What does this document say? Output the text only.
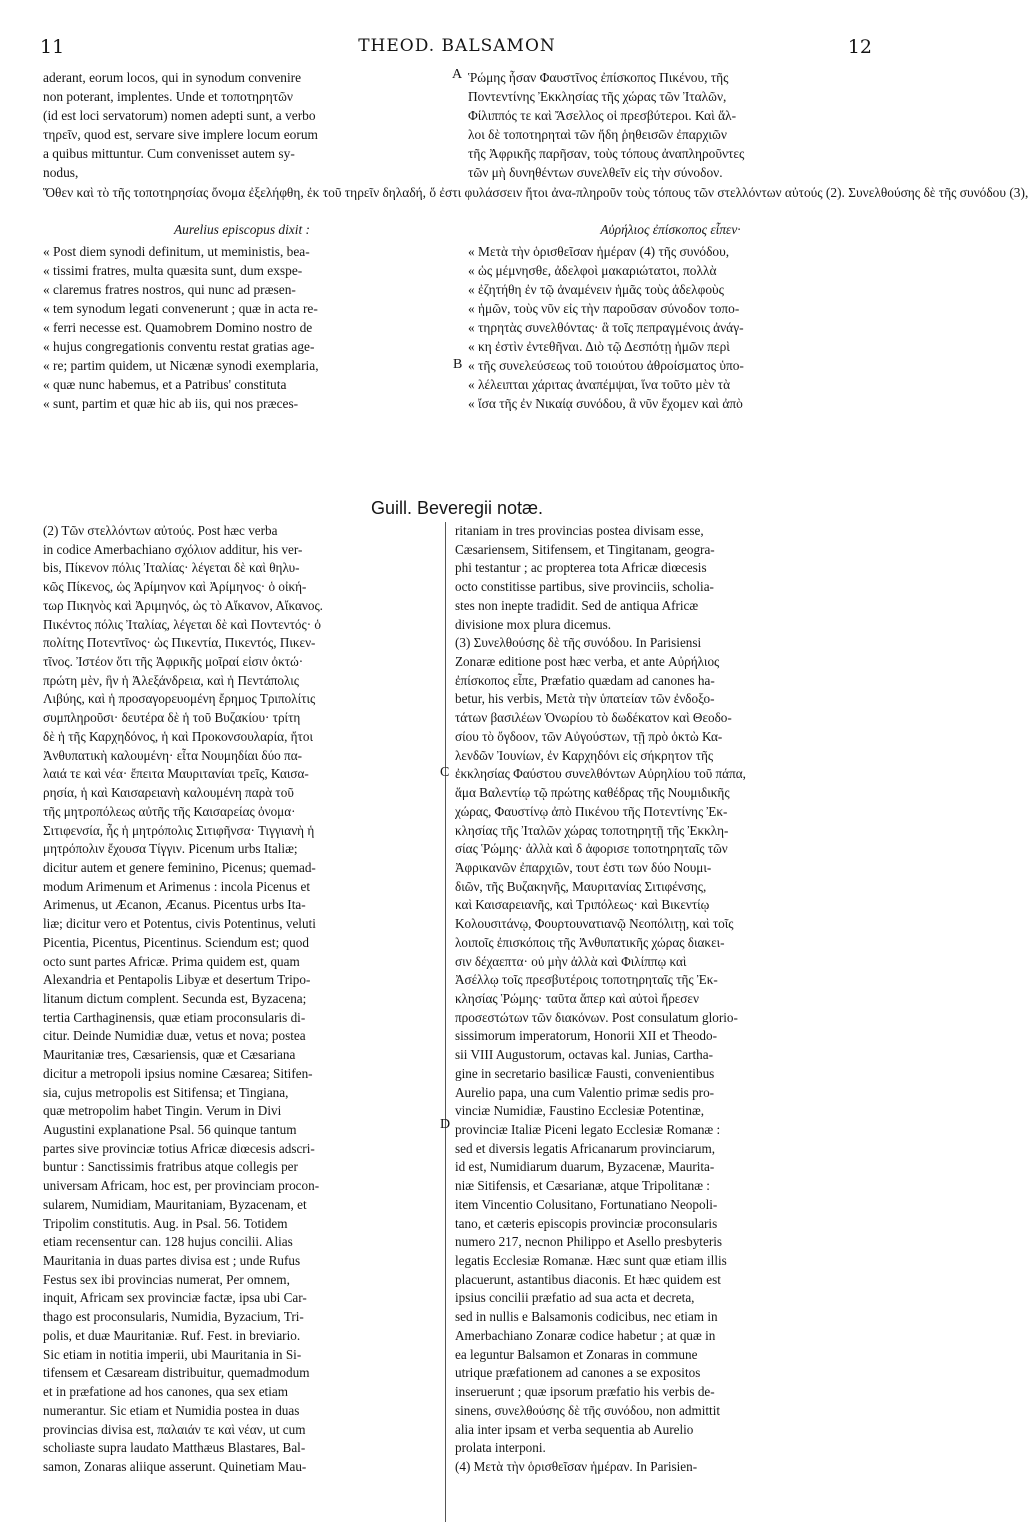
11	THEOD. BALSAMON	12
aderant, eorum locos, qui in synodum convenire
non poterant, implentes. Unde et τοποτηρητῶν
(id est loci servatorum) nomen adepti sunt, a verbo
τηρεῖν, quod est, servare sive implere locum eorum
a quibus mittuntur. Cum convenisset autem sy-
nodus,
A Ῥώμης ἦσαν Φαυστῖνος ἐπίσκοπος Πικένου, τῆς
Ποντεντίνης Ἐκκλησίας τῆς χώρας τῶν Ἰταλῶν,
Φίλιππός τε καὶ Ἄσελλος οἱ πρεσβύτεροι. Καὶ ἄλ-
λοι δὲ τοποτηρηταὶ τῶν ἤδη ῥηθεισῶν ἐπαρχιῶν
τῆς Ἀφρικῆς παρῆσαν, τοὺς τόπους ἀναπληροῦντες
τῶν μὴ δυνηθέντων συνελθεῖν εἰς τὴν σύνοδον.
Ὅθεν καὶ τὸ τῆς τοποτηρησίας ὄνομα ἐξελήφθη, ἐκ τοῦ τηρεῖν δηλαδή, ὅ ἐστι φυλάσσειν ἤτοι ἀνα-πληροῦν τοὺς τόπους τῶν στελλόντων αὐτούς (2). Συνελθούσης δὲ τῆς συνόδου (3),
Aurelius episcopus dixit :	Αὐρήλιος ἐπίσκοπος εἶπεν·
« Post diem synodi definitum, ut meministis, bea-
« tissimi fratres, multa quæsita sunt, dum exspe-
« claremus fratres nostros, qui nunc ad præsen-
« tem synodum legati convenerunt ; quæ in acta re-
« ferri necesse est. Quamobrem Domino nostro de
« hujus congregationis conventu restat gratias age-
« re; partim quidem, ut Nicænæ synodi exemplaria,
« quæ nunc habemus, et a Patribus' constituta
« sunt, partim et quæ hic ab iis, qui nos præces-
B
« Μετὰ τὴν ὁρισθεῖσαν ἡμέραν (4) τῆς συνόδου,
« ὡς μέμνησθε, ἀδελφοὶ μακαριώτατοι, πολλὰ
« ἐζητήθη ἐν τῷ ἀναμένειν ἡμᾶς τοὺς ἀδελφοὺς
« ἡμῶν, τοὺς νῦν εἰς τὴν παροῦσαν σύνοδον τοπο-
« τηρητὰς συνελθόντας· ἃ τοῖς πεπραγμένοις ἀνάγ-
« κη ἐστὶν ἐντεθῆναι. Διὸ τῷ Δεσπότῃ ἡμῶν περὶ
« τῆς συνελεύσεως τοῦ τοιούτου ἀθροίσματος ὑπο-
« λέλειπται χάριτας ἀναπέμψαι, ἵνα τοῦτο μὲν τὰ
« ἴσα τῆς ἐν Νικαίᾳ συνόδου, ἃ νῦν ἔχομεν καὶ ἀπὸ
Guill. Beveregii notæ.
(2) Τῶν στελλόντων αὐτούς. Post hæc verba
in codice Amerbachiano σχόλιον additur, his ver-
bis, Πίκενον πόλις Ἰταλίας· λέγεται δὲ καὶ θηλυ-
κῶς Πίκενος, ὡς Ἀρίμηνον καὶ Ἀρίμηνος· ὁ οἰκή-
τωρ Πικηνὸς καὶ Ἀριμηνός, ὡς τὸ Αἴκανον, Αἴκανος.
Πικέντος πόλις Ἰταλίας, λέγεται δὲ καὶ Ποντεντός· ὁ
πολίτης Ποτεντῖνος· ὡς Πικεντία, Πικεντός, Πικεν-
τῖνος. Ἰστέον ὅτι τῆς Ἀφρικῆς μοῖραί εἰσιν ὀκτώ·
πρώτη μὲν, ἣν ἡ Ἀλεξάνδρεια, καὶ ἡ Πεντάπολις
Λιβύης, καὶ ἡ προσαγορευομένη ἔρημος Τριπολίτις
συμπληροῦσι· δευτέρα δὲ ἡ τοῦ Βυζακίου· τρίτη
δὲ ἡ τῆς Καρχηδόνος, ἡ καὶ Προκονσουλαρία, ἤτοι
Ἀνθυπατικὴ καλουμένη· εἶτα Νουμηδίαι δύο πα-
λαιά τε καὶ νέα· ἔπειτα Μαυριτανίαι τρεῖς, Καισα-
ρησία, ἡ καὶ Καισαρειανὴ καλουμένη παρὰ τοῦ
τῆς μητροπόλεως αὐτῆς τῆς Καισαρείας ὀνομα·
Σιτιφενσία, ἧς ἡ μητρόπολις Σιτιφῆνσα· Τιγγιανὴ ἡ
μητρόπολιν ἔχουσα Τίγγιν. Picenum urbs Italiæ;
dicitur autem et genere feminino, Picenus; quemad-
modum Arimenum et Arimenus : incola Picenus et
Arimenus, ut Æcanon, Æcanus. Picentus urbs Ita-
liæ; dicitur vero et Potentus, civis Potentinus, veluti
Picentia, Picentus, Picentinus. Sciendum est; quod
octo sunt partes Africæ. Prima quidem est, quam
Alexandria et Pentapolis Libyæ et desertum Tripo-
litanum dictum complent. Secunda est, Byzacena;
tertia Carthaginensis, quæ etiam proconsularis di-
citur. Deinde Numidiæ duæ, vetus et nova; postea
Mauritaniæ tres, Cæsariensis, quæ et Cæsariana
dicitur a metropoli ipsius nomine Cæsarea; Sitifen-
sia, cujus metropolis est Sitifensa; et Tingiana,
quæ metropolim habet Tingin. Verum in Divi
Augustini explanatione Psal. 56 quinque tantum
partes sive provinciæ totius Africæ diœcesis adscri-
buntur : Sanctissimis fratribus atque collegis per
universam Africam, hoc est, per provinciam procon-
sularem, Numidiam, Mauritaniam, Byzacenam, et
Tripolim constitutis. Aug. in Psal. 56. Totidem
etiam recensentur can. 128 hujus concilii. Alias
Mauritania in duas partes divisa est ; unde Rufus
Festus sex ibi provincias numerat, Per omnem,
inquit, Africam sex provinciæ factæ, ipsa ubi Car-
thago est proconsularis, Numidia, Byzacium, Tri-
polis, et duæ Mauritaniæ. Ruf. Fest. in breviario.
Sic etiam in notitia imperii, ubi Mauritania in Si-
tifensem et Cæsaream distribuitur, quemadmodum
et in præfatione ad hos canones, qua sex etiam
numerantur. Sic etiam et Numidia postea in duas
provincias divisa est, παλαιάν τε καὶ νέαν, ut cum
scholiaste supra laudato Matthæus Blastares, Bal-
samon, Zonaras aliique asserunt. Quinetiam Mau-
C
D
ritaniam in tres provincias postea divisam esse,
Cæsariensem, Sitifensem, et Tingitanam, geogra-
phi testantur ; ac propterea tota Africæ diœcesis
octo constitisse partibus, sive provinciis, scholia-
stes non inepte tradidit. Sed de antiqua Africæ
divisione mox plura dicemus.
(3) Συνελθούσης δὲ τῆς συνόδου. In Parisiensi
Zonaræ editione post hæc verba, et ante Αὐρήλιος
ἐπίσκοπος εἶπε, Præfatio quædam ad canones ha-
betur, his verbis, Μετὰ τὴν ὑπατείαν τῶν ἐνδοξο-
τάτων βασιλέων Ὁνωρίου τὸ δωδέκατον καὶ Θεοδο-
σίου τὸ ὄγδοον, τῶν Αὐγούστων, τῇ πρὸ ὀκτὼ Κα-
λενδῶν Ἰουνίων, ἐν Καρχηδόνι εἰς σήκρητον τῆς
ἐκκλησίας Φαύστου συνελθόντων Αὐρηλίου τοῦ πάπα,
ἅμα Βαλεντίῳ τῷ πρώτης καθέδρας τῆς Νουμιδικῆς
χώρας, Φαυστίνῳ ἀπὸ Πικένου τῆς Ποτεντίνης Ἐκ-
κλησίας τῆς Ἰταλῶν χώρας τοποτηρητῇ τῆς Ἐκκλη-
σίας Ῥώμης· ἀλλὰ καὶ δ ἀφορισε τοποτηρηταῖς τῶν
Ἀφρικανῶν ἐπαρχιῶν, τουτ ἐστι των δύο Νουμι-
διῶν, τῆς Βυζακηνῆς, Μαυριτανίας Σιτιφένσης,
καὶ Καισαρειανῆς, καὶ Τριπόλεως· καὶ Βικεντίῳ
Κολουσιτάνῳ, Φουρτουνατιανῷ Νεοπόλιτῃ, καὶ τοῖς
λοιποῖς ἐπισκόποις τῆς Ἀνθυπατικῆς χώρας διακει-
σιν δέχαεπτα· οὐ μὴν ἀλλὰ καὶ Φιλίππῳ καὶ
Ἀσέλλῳ τοῖς πρεσβυτέροις τοποτηρηταῖς τῆς Ἐκ-
κλησίας Ῥώμης· ταῦτα ἅπερ καὶ αὐτοὶ ἤρεσεν
προσεστώτων τῶν διακόνων. Post consulatum glorio-
sissimorum imperatorum, Honorii XII et Theodo-
sii VIII Augustorum, octavas kal. Junias, Cartha-
gine in secretario basilicæ Fausti, convenientibus
Aurelio papa, una cum Valentio primæ sedis pro-
vinciæ Numidiæ, Faustino Ecclesiæ Potentinæ,
provinciæ Italiæ Piceni legato Ecclesiæ Romanæ :
sed et diversis legatis Africanarum provinciarum,
id est, Numidiarum duarum, Byzacenæ, Maurita-
niæ Sitifensis, et Cæsarianæ, atque Tripolitanæ :
item Vincentio Colusitano, Fortunatiano Neopoli-
tano, et cæteris episcopis provinciæ proconsularis
numero 217, necnon Philippo et Asello presbyteris
legatis Ecclesiæ Romanæ. Hæc sunt quæ etiam illis
placuerunt, astantibus diaconis. Et hæc quidem est
ipsius concilii præfatio ad sua acta et decreta,
sed in nullis e Balsamonis codicibus, nec etiam in
Amerbachiano Zonaræ codice habetur ; at quæ in
ea leguntur Balsamon et Zonaras in commune
utrique præfationem ad canones a se expositos
inseruerunt ; quæ ipsorum præfatio his verbis de-
sinens, συνελθούσης δὲ τῆς συνόδου, non admittit
alia inter ipsam et verba sequentia ab Aurelio
prolata interponi.
(4) Μετὰ τὴν ὁρισθεῖσαν ἡμέραν. In Parisien-
